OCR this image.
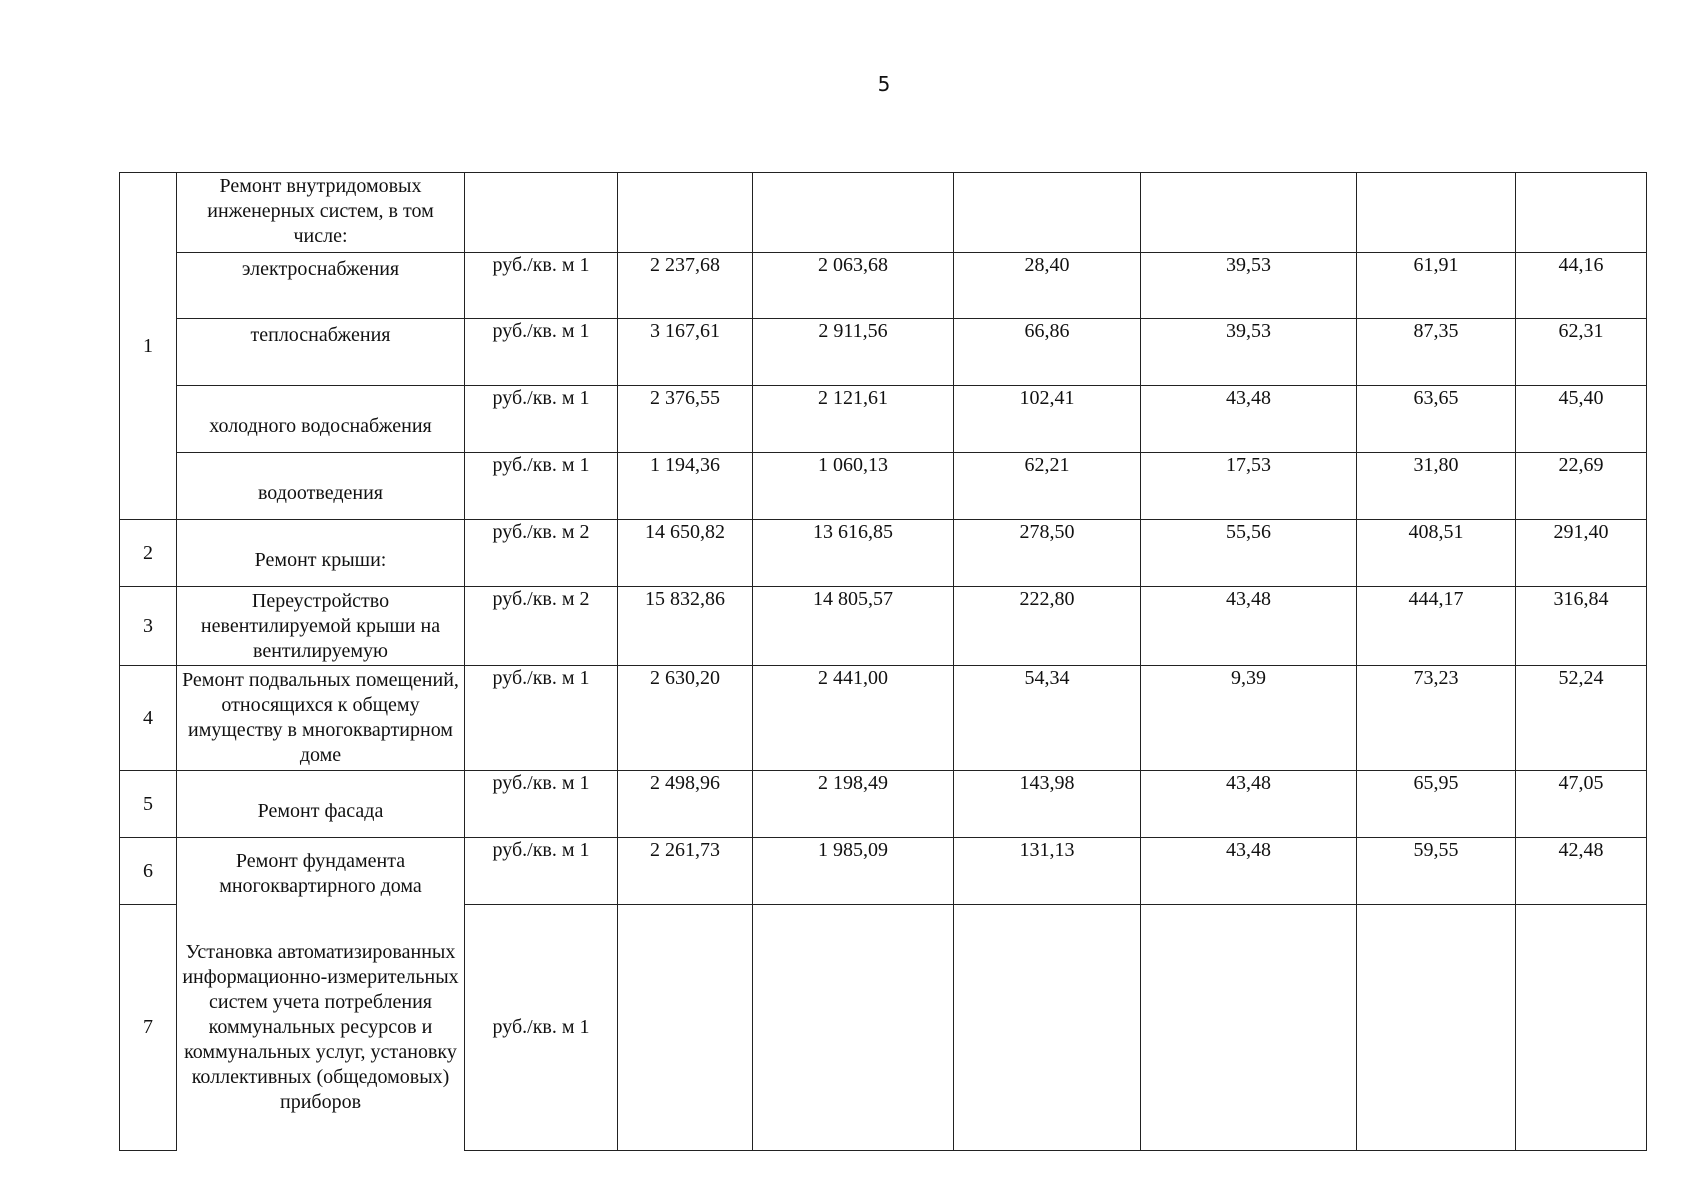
5
1	Ремонт внутридомовых инженерных систем, в том числе:							
	электроснабжения	руб./кв. м 1	2 237,68	2 063,68	28,40	39,53	61,91	44,16
	теплоснабжения	руб./кв. м 1	3 167,61	2 911,56	66,86	39,53	87,35	62,31
	холодного водоснабжения	руб./кв. м 1	2 376,55	2 121,61	102,41	43,48	63,65	45,40
	водоотведения	руб./кв. м 1	1 194,36	1 060,13	62,21	17,53	31,80	22,69
2	Ремонт крыши:	руб./кв. м 2	14 650,82	13 616,85	278,50	55,56	408,51	291,40
3	Переустройство невентилируемой крыши на вентилируемую	руб./кв. м 2	15 832,86	14 805,57	222,80	43,48	444,17	316,84
4	Ремонт подвальных помещений, относящихся к общему имуществу в многоквартирном доме	руб./кв. м 1	2 630,20	2 441,00	54,34	9,39	73,23	52,24
5	Ремонт фасада	руб./кв. м 1	2 498,96	2 198,49	143,98	43,48	65,95	47,05
6	Ремонт фундамента многоквартирного дома	руб./кв. м 1	2 261,73	1 985,09	131,13	43,48	59,55	42,48
7	Установка автоматизированных информационно-измерительных систем учета потребления коммунальных ресурсов и коммунальных услуг, установку коллективных (общедомовых) приборов	руб./кв. м 1						
